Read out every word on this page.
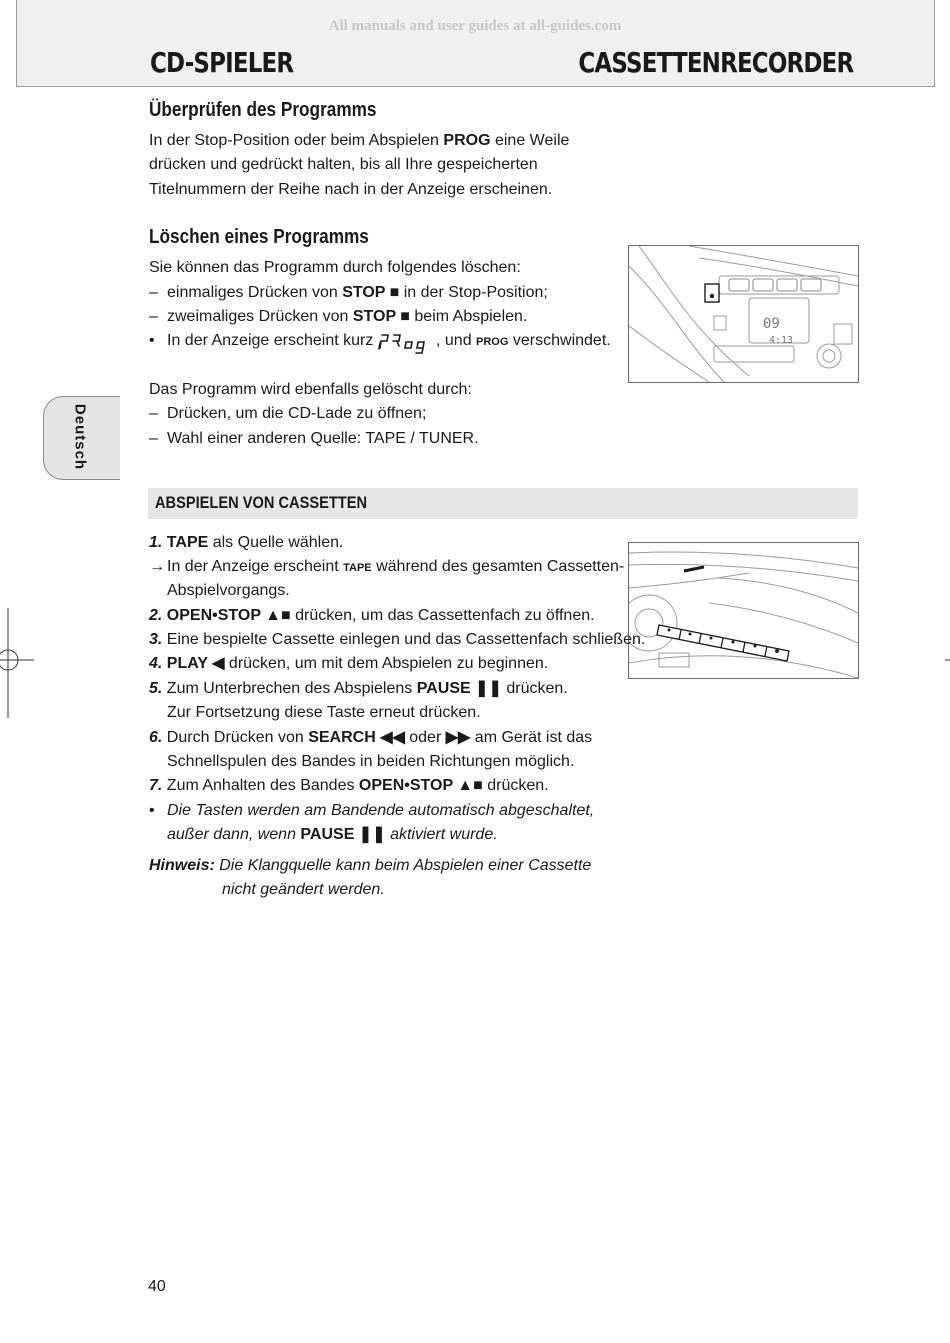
All manuals and user guides at all-guides.com
CD-SPIELER	CASSETTENRECORDER
Deutsch
Überprüfen des Programms
In der Stop-Position oder beim Abspielen PROG eine Weile
drücken und gedrückt halten, bis all Ihre gespeicherten
Titelnummern der Reihe nach in der Anzeige erscheinen.
Löschen eines Programms
Sie können das Programm durch folgendes löschen:
– einmaliges Drücken von STOP ■ in der Stop-Position;
– zweimaliges Drücken von STOP ■ beim Abspielen.
• In der Anzeige erscheint kurz	PROG	, und PROG verschwindet.
Das Programm wird ebenfalls gelöscht durch:
– Drücken, um die CD-Lade zu öffnen;
– Wahl einer anderen Quelle: TAPE / TUNER.
09
4:13
ABSPIELEN VON CASSETTEN
1. TAPE als Quelle wählen.
→ In der Anzeige erscheint TAPE während des gesamten Cassetten-
Abspielvorgangs.
2. OPEN•STOP ▲■ drücken, um das Cassettenfach zu öffnen.
3. Eine bespielte Cassette einlegen und das Cassettenfach schließen.
4. PLAY ◀ drücken, um mit dem Abspielen zu beginnen.
5. Zum Unterbrechen des Abspielens PAUSE ❚❚ drücken.
Zur Fortsetzung diese Taste erneut drücken.
6. Durch Drücken von SEARCH ◀◀ oder ▶▶ am Gerät ist das
Schnellspulen des Bandes in beiden Richtungen möglich.
7. Zum Anhalten des Bandes OPEN•STOP ▲■ drücken.
• Die Tasten werden am Bandende automatisch abgeschaltet,
außer dann, wenn PAUSE ❚❚ aktiviert wurde.
Hinweis: Die Klangquelle kann beim Abspielen einer Cassette
nicht geändert werden.
40
